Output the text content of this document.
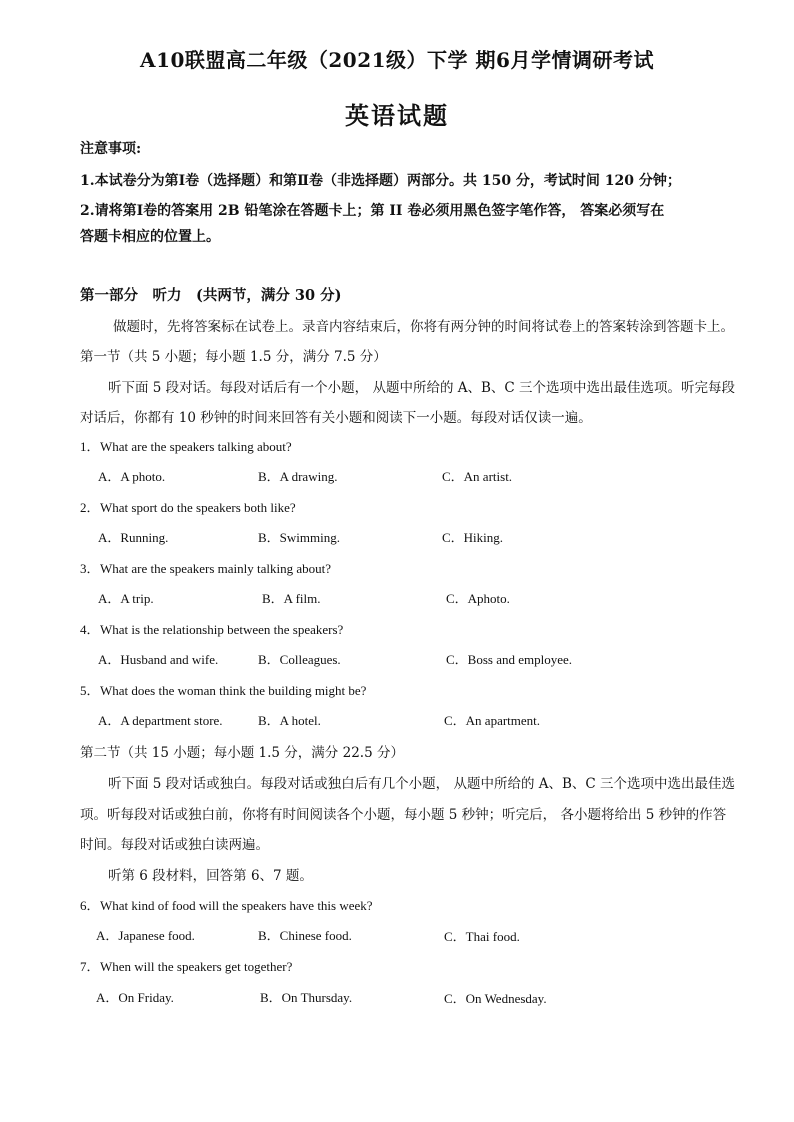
A10联盟高二年级（2021级）下学 期6月学情调研考试
英语试题
注意事项:
1.本试卷分为第Ⅰ卷（选择题）和第Ⅱ卷（非选择题）两部分。共 150 分，考试时间 120 分钟；
2.请将第Ⅰ卷的答案用 2B 铅笔涂在答题卡上；第 II 卷必须用黑色签字笔作答， 答案必须写在
答题卡相应的位置上。
第一部分　听力　(共两节，满分 30 分)
做题时，先将答案标在试卷上。录音内容结束后，你将有两分钟的时间将试卷上的答案转涂到答题卡上。
第一节（共 5 小题；每小题 1.5 分，满分 7.5 分）
听下面 5 段对话。每段对话后有一个小题， 从题中所给的 A、B、C 三个选项中选出最佳选项。听完每段
对话后，你都有 10 秒钟的时间来回答有关小题和阅读下一小题。每段对话仅读一遍。
1．What are the speakers talking about?
A．A photo.	B．A drawing.	C．An artist.
2．What sport do the speakers both like?
A．Running.	B．Swimming.	C．Hiking.
3．What are the speakers mainly talking about?
A．A trip.	B．A film.	C．Aphoto.
4．What is the relationship between the speakers?
A．Husband and wife.	B．Colleagues.	C．Boss and employee.
5．What does the woman think the building might be?
A．A department store.	B．A hotel.	C．An apartment.
第二节（共 15 小题；每小题 1.5 分，满分 22.5 分）
听下面 5 段对话或独白。每段对话或独白后有几个小题， 从题中所给的 A、B、C 三个选项中选出最佳选
项。听每段对话或独白前，你将有时间阅读各个小题，每小题 5 秒钟；听完后， 各小题将给出 5 秒钟的作答
时间。每段对话或独白读两遍。
听第 6 段材料，回答第 6、7 题。
6．What kind of food will the speakers have this week?
A．Japanese food.	B．Chinese food.	C．Thai food.
7．When will the speakers get together?
A．On Friday.	B．On Thursday.	C．On Wednesday.
